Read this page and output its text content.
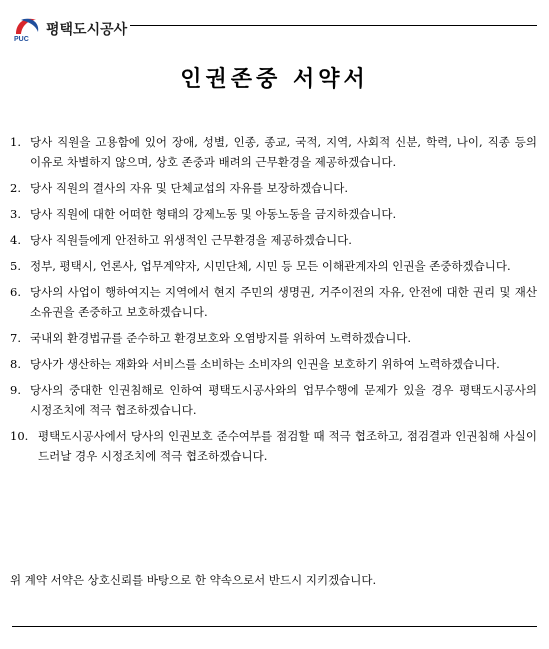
PUC
평택도시공사
인권존중 서약서
1. 당사 직원을 고용함에 있어 장애, 성별, 인종, 종교, 국적, 지역, 사회적 신분, 학력, 나이, 직종 등의 이유로 차별하지 않으며, 상호 존중과 배려의 근무환경을 제공하겠습니다.
2. 당사 직원의 결사의 자유 및 단체교섭의 자유를 보장하겠습니다.
3. 당사 직원에 대한 어떠한 형태의 강제노동 및 아동노동을 금지하겠습니다.
4. 당사 직원들에게 안전하고 위생적인 근무환경을 제공하겠습니다.
5. 정부, 평택시, 언론사, 업무계약자, 시민단체, 시민 등 모든 이해관계자의 인권을 존중하겠습니다.
6. 당사의 사업이 행하여지는 지역에서 현지 주민의 생명권, 거주이전의 자유, 안전에 대한 권리 및 재산 소유권을 존중하고 보호하겠습니다.
7. 국내외 환경법규를 준수하고 환경보호와 오염방지를 위하여 노력하겠습니다.
8. 당사가 생산하는 재화와 서비스를 소비하는 소비자의 인권을 보호하기 위하여 노력하겠습니다.
9. 당사의 중대한 인권침해로 인하여 평택도시공사와의 업무수행에 문제가 있을 경우 평택도시공사의 시정조치에 적극 협조하겠습니다.
10. 평택도시공사에서 당사의 인권보호 준수여부를 점검할 때 적극 협조하고, 점검결과 인권침해 사실이 드러날 경우 시정조치에 적극 협조하겠습니다.
위 계약 서약은 상호신뢰를 바탕으로 한 약속으로서 반드시 지키겠습니다.
